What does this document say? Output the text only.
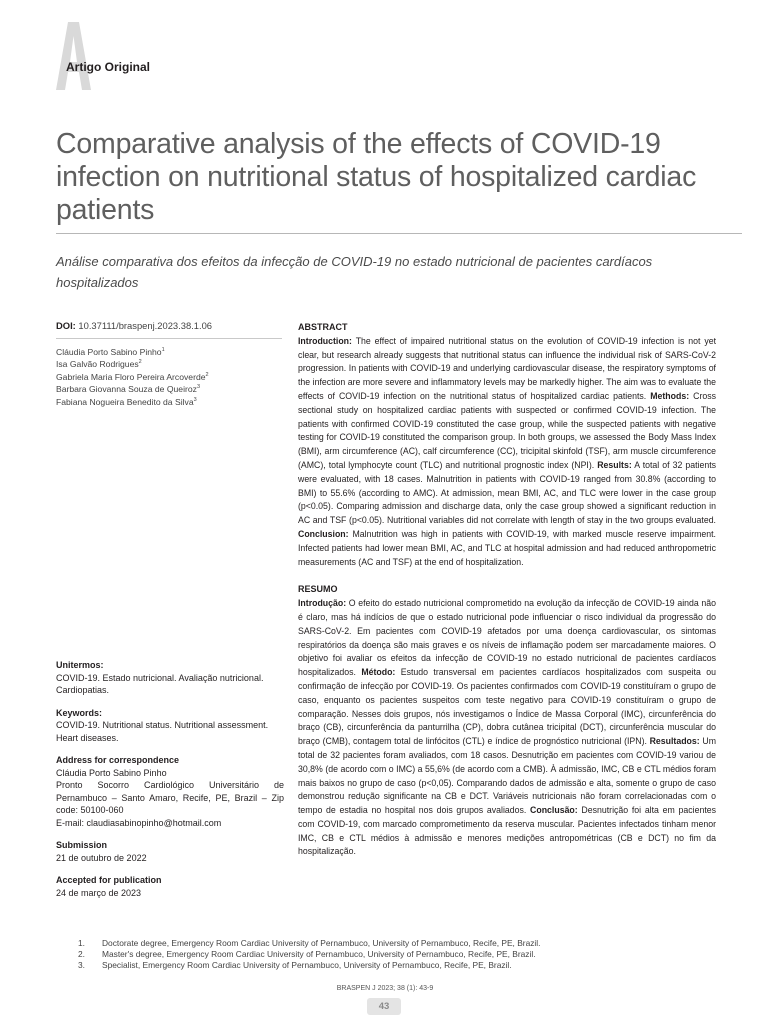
Artigo Original
Comparative analysis of the effects of COVID-19 infection on nutritional status of hospitalized cardiac patients
Análise comparativa dos efeitos da infecção de COVID-19 no estado nutricional de pacientes cardíacos hospitalizados
DOI: 10.37111/braspenj.2023.38.1.06
Cláudia Porto Sabino Pinho$^1$
Isa Galvão Rodrigues$^2$
Gabriela Maria Floro Pereira Arcoverde$^2$
Barbara Giovanna Souza de Queiroz$^3$
Fabiana Nogueira Benedito da Silva$^3$
Unitermos:
COVID-19. Estado nutricional. Avaliação nutricional. Cardiopatias.
Keywords:
COVID-19. Nutritional status. Nutritional assessment. Heart diseases.
Address for correspondence
Cláudia Porto Sabino Pinho
Pronto Socorro Cardiológico Universitário de Pernambuco – Santo Amaro, Recife, PE, Brazil – Zip code: 50100-060
E-mail: claudiasabinopinho@hotmail.com
Submission
21 de outubro de 2022
Accepted for publication
24 de março de 2023
ABSTRACT

Introduction: The effect of impaired nutritional status on the evolution of COVID-19 infection is not yet clear, but research already suggests that nutritional status can influence the individual risk of SARS-CoV-2 progression. In patients with COVID-19 and underlying cardiovascular disease, the respiratory symptoms of the infection are more severe and inflammatory levels may be markedly higher. The aim was to evaluate the effects of COVID-19 infection on the nutritional status of hospitalized cardiac patients. Methods: Cross sectional study on hospitalized cardiac patients with suspected or confirmed COVID-19 infection. The patients with confirmed COVID-19 constituted the case group, while the suspected patients with negative testing for COVID-19 constituted the comparison group. In both groups, we assessed the Body Mass Index (BMI), arm circumference (AC), calf circumference (CC), tricipital skinfold (TSF), arm muscle circumference (AMC), total lymphocyte count (TLC) and nutritional prognostic index (NPI). Results: A total of 32 patients were evaluated, with 18 cases. Malnutrition in patients with COVID-19 ranged from 30.8% (according to BMI) to 55.6% (according to AMC). At admission, mean BMI, AC, and TLC were lower in the case group (p<0.05). Comparing admission and discharge data, only the case group showed a significant reduction in AC and TSF (p<0.05). Nutritional variables did not correlate with length of stay in the two groups evaluated. Conclusion: Malnutrition was high in patients with COVID-19, with marked muscle reserve impairment. Infected patients had lower mean BMI, AC, and TLC at hospital admission and had reduced anthropometric measurements (AC and TSF) at the end of hospitalization.

RESUMO

Introdução: O efeito do estado nutricional comprometido na evolução da infecção de COVID-19 ainda não é claro, mas há indícios de que o estado nutricional pode influenciar o risco individual da progressão do SARS-CoV-2. Em pacientes com COVID-19 afetados por uma doença cardiovascular, os sintomas respiratórios da doença são mais graves e os níveis de inflamação podem ser marcadamente maiores. O objetivo foi avaliar os efeitos da infecção de COVID-19 no estado nutricional de pacientes cardíacos hospitalizados. Método: Estudo transversal em pacientes cardíacos hospitalizados com suspeita ou confirmação de infecção por COVID-19. Os pacientes confirmados com COVID-19 constituíram o grupo de caso, enquanto os pacientes suspeitos com teste negativo para COVID-19 constituíram o grupo de comparação. Nesses dois grupos, nós investigamos o Índice de Massa Corporal (IMC), circunferência do braço (CB), circunferência da panturrilha (CP), dobra cutânea tricipital (DCT), circunferência muscular do braço (CMB), contagem total de linfócitos (CTL) e índice de prognóstico nutricional (IPN). Resultados: Um total de 32 pacientes foram avaliados, com 18 casos. Desnutrição em pacientes com COVID-19 variou de 30,8% (de acordo com o IMC) a 55,6% (de acordo com a CMB). À admissão, IMC, CB e CTL médios foram mais baixos no grupo de caso (p<0,05). Comparando dados de admissão e alta, somente o grupo de caso demonstrou redução significante na CB e DCT. Variáveis nutricionais não foram correlacionadas com o tempo de estadia no hospital nos dois grupos avaliados. Conclusão: Desnutrição foi alta em pacientes com COVID-19, com marcado comprometimento da reserva muscular. Pacientes infectados tinham menor IMC, CB e CTL médios à admissão e menores medições antropométricas (CB e DCT) no fim da hospitalização.

1.	Doctorate degree, Emergency Room Cardiac University of Pernambuco, University of Pernambuco, Recife, PE, Brazil.
2.	Master's degree, Emergency Room Cardiac University of Pernambuco, University of Pernambuco, Recife, PE, Brazil.
3.	Specialist, Emergency Room Cardiac University of Pernambuco, University of Pernambuco, Recife, PE, Brazil.
BRASPEN J 2023; 38 (1): 43-9
43
